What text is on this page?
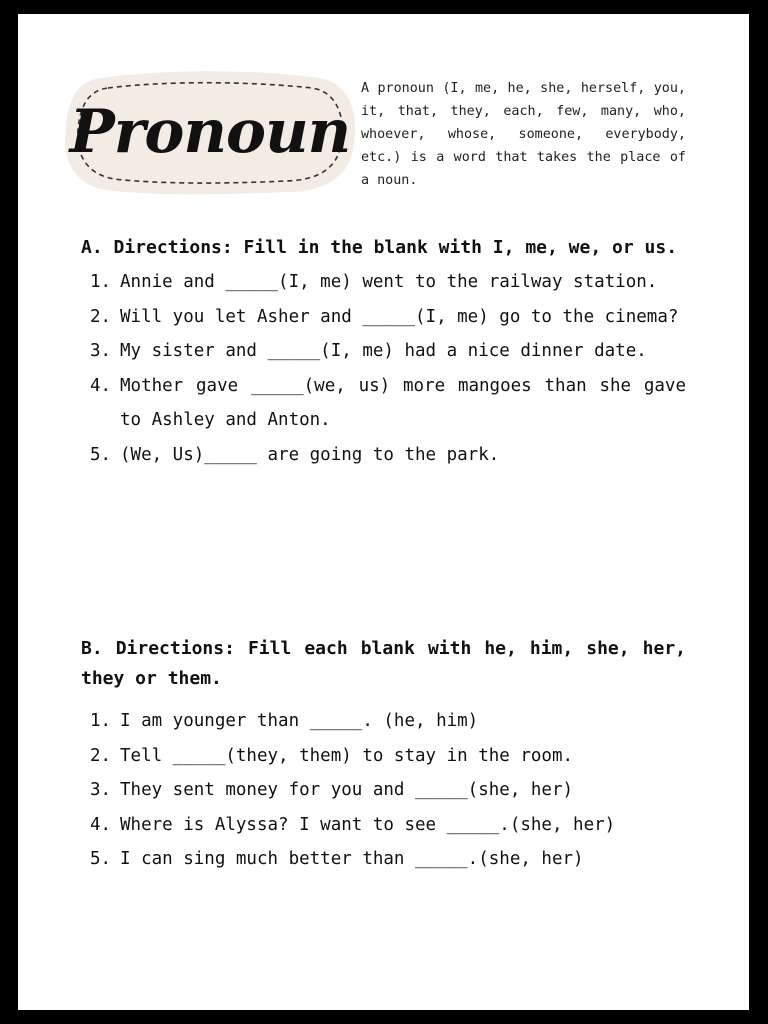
Pronoun
A pronoun (I, me, he, she, herself, you, it, that, they, each, few, many, who, whoever, whose, someone, everybody, etc.) is a word that takes the place of a noun.

A. Directions: Fill in the blank with I, me, we, or us.

1. Annie and _____(I, me) went to the railway station.
2. Will you let Asher and _____(I, me) go to the cinema?
3. My sister and _____(I, me) had a nice dinner date.
4. Mother gave _____(we, us) more mangoes than she gave to Ashley and Anton.
5. (We, Us)_____ are going to the park.

B. Directions: Fill each blank with he, him, she, her, they or them.

1. I am younger than _____. (he, him)
2. Tell _____(they, them) to stay in the room.
3. They sent money for you and _____(she, her)
4. Where is Alyssa? I want to see _____.(she, her)
5. I can sing much better than _____.(she, her)
